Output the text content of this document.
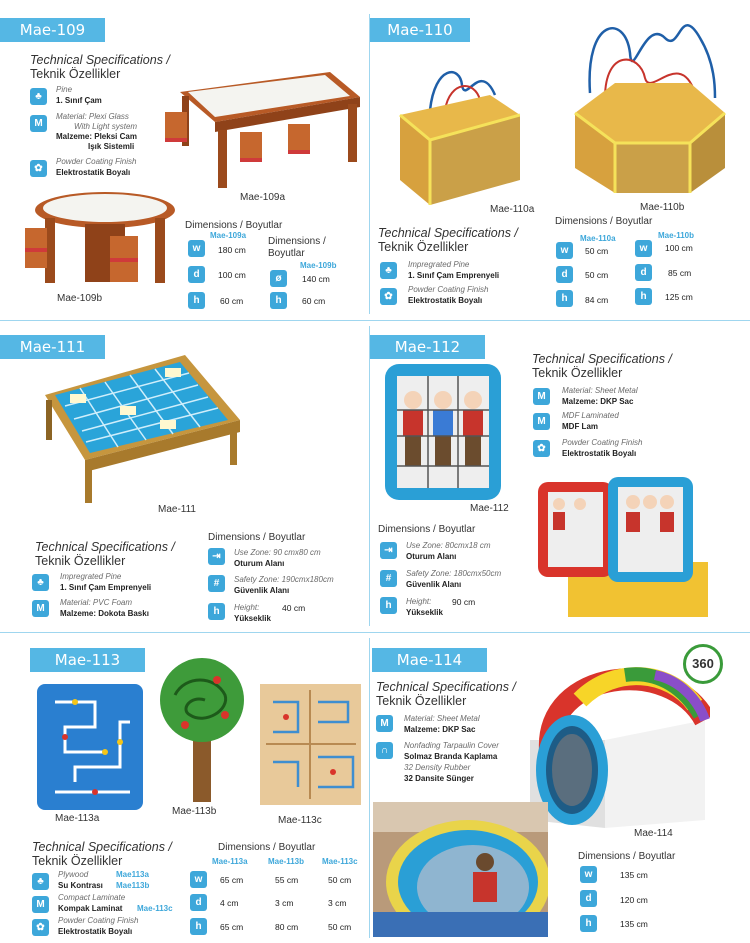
Mae-109
Technical Specifications /
Teknik Özellikler
♣
Pine
1. Sınıf Çam
M
Material: Plexi Glass
With Light system
Malzeme: Pleksi Cam
Işık Sistemli
✿
Powder Coating Finish
Elektrostatik Boyalı
Mae-109a
Mae-109b
Dimensions / Boyutlar
Mae-109a
w	180 cm
d	100 cm
h	60 cm
Dimensions /
Boyutlar
Mae-109b
ø	140 cm
h	60 cm
Mae-110
Mae-110a	Mae-110b
Technical Specifications /
Teknik Özellikler
♣
Impregrated Pine
1. Sınıf Çam Emprenyeli
✿
Powder Coating Finish
Elektrostatik Boyalı
Dimensions / Boyutlar
Mae-110a	Mae-110b
w	50 cm	w	100 cm
d	50 cm	d	85 cm
h	84 cm	h	125 cm
Mae-111
Mae-111
Technical Specifications /
Teknik Özellikler
♣
Impregrated Pine
1. Sınıf Çam Emprenyeli
M
Material: PVC Foam
Malzeme: Dokota Baskı
Dimensions / Boyutlar
⇥	Use Zone: 90 cmx80 cm
Oturum Alanı
#	Safety Zone: 190cmx180cm
Güvenlik Alanı
h	Height:	40 cm
Yükseklik
Mae-112
Mae-112
Technical Specifications /
Teknik Özellikler
M
Material: Sheet Metal
Malzeme: DKP Sac
M
MDF Laminated
MDF Lam
✿
Powder Coating Finish
Elektrostatik Boyalı
Dimensions / Boyutlar
⇥	Use Zone: 80cmx18 cm
Oturum Alanı
#	Safety Zone: 180cmx50cm
Güvenlik Alanı
h	Height: 90 cm
Yükseklik
Mae-113
Mae-113a
Mae-113b
Mae-113c
Technical Specifications /
Teknik Özellikler
♣
Plywood
Su Kontrası
Mae113a
Mae113b
M
Compact Laminate
Kompak Laminat Mae-113c
✿
Powder Coating Finish
Elektrostatik Boyalı
Dimensions / Boyutlar
Mae-113a	Mae-113b Mae-113c
w	65 cm	55 cm	50 cm
d	4 cm	3 cm	3 cm
h	65 cm	80 cm	50 cm
Mae-114	360
Technical Specifications /
Teknik Özellikler
M	Material: Sheet Metal
Malzeme: DKP Sac
∩	Nonfading Tarpaulin Cover
Solmaz Branda Kaplama
32 Density Rubber
32 Dansite Sünger
Mae-114
Dimensions / Boyutlar
w	135 cm
d	120 cm
h	135 cm
